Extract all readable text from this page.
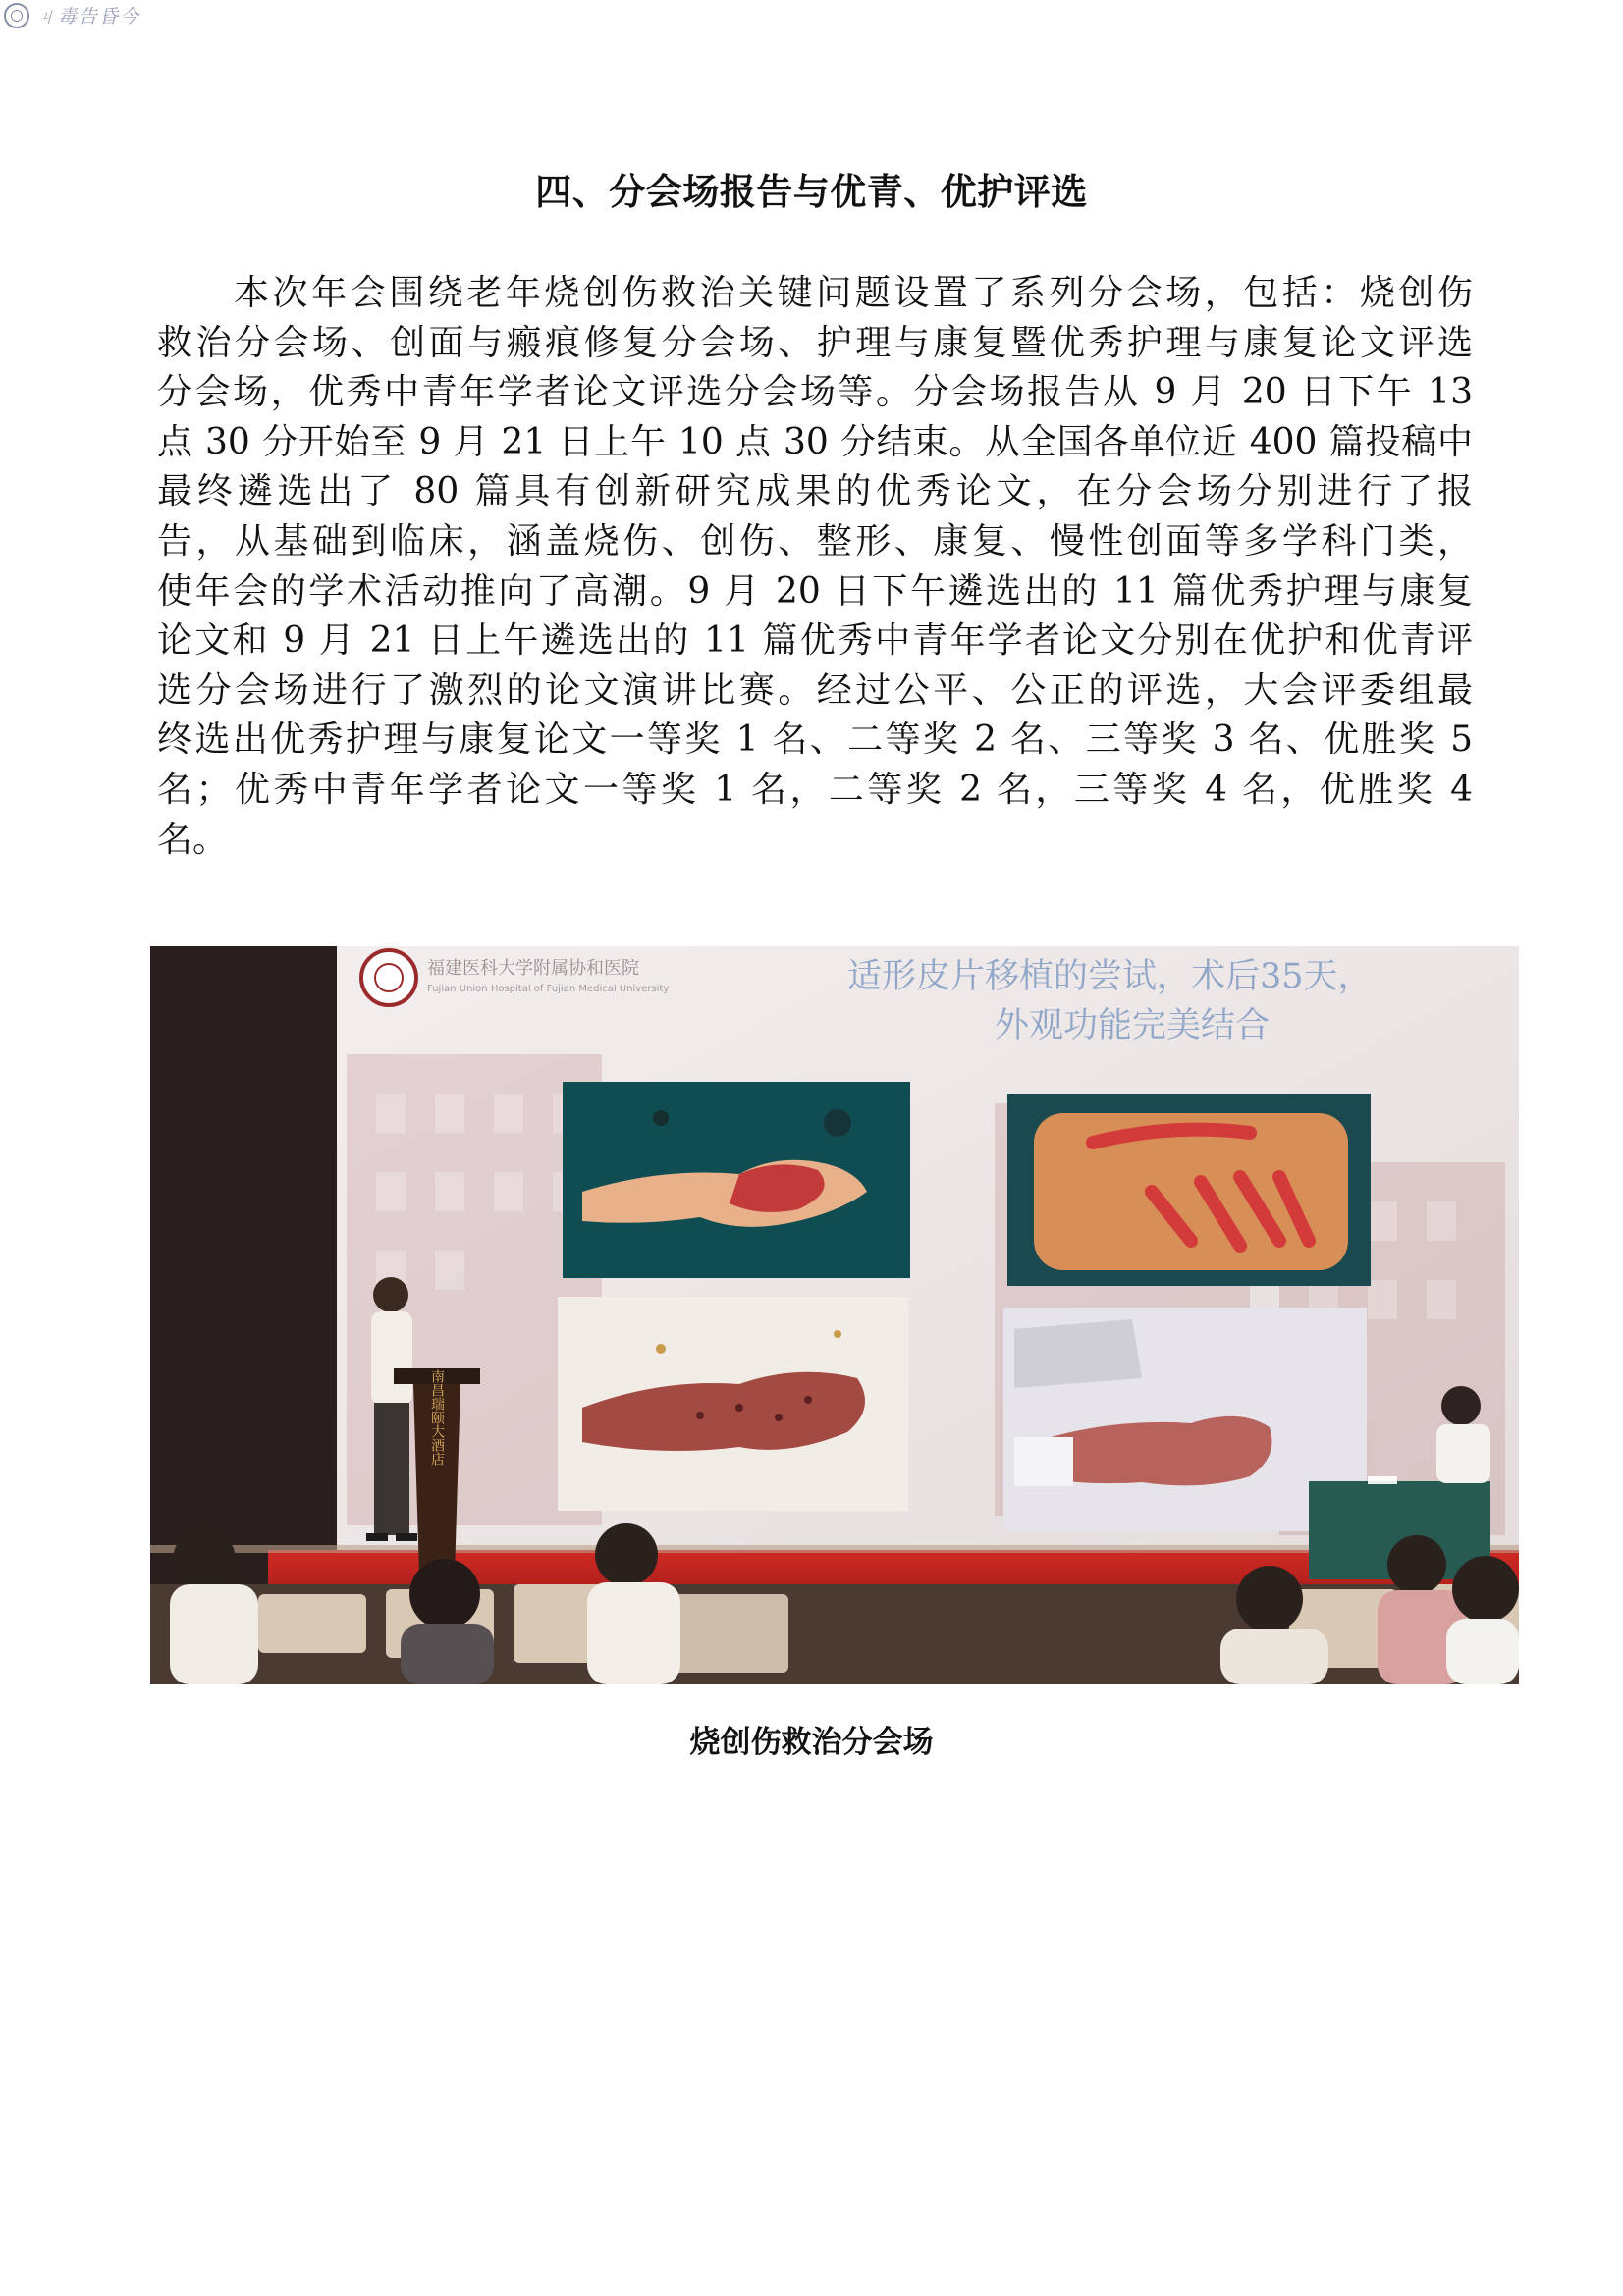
ㄐ毒告昏今
四、分会场报告与优青、优护评选
本次年会围绕老年烧创伤救治关键问题设置了系列分会场，包括：烧创伤
救治分会场、创面与瘢痕修复分会场、护理与康复暨优秀护理与康复论文评选
分会场，优秀中青年学者论文评选分会场等。分会场报告从 9 月 20 日下午 13
点 30 分开始至 9 月 21 日上午 10 点 30 分结束。从全国各单位近 400 篇投稿中
最终遴选出了 80 篇具有创新研究成果的优秀论文，在分会场分别进行了报
告，从基础到临床，涵盖烧伤、创伤、整形、康复、慢性创面等多学科门类，
使年会的学术活动推向了高潮。9 月 20 日下午遴选出的 11 篇优秀护理与康复
论文和 9 月 21 日上午遴选出的 11 篇优秀中青年学者论文分别在优护和优青评
选分会场进行了激烈的论文演讲比赛。经过公平、公正的评选，大会评委组最
终选出优秀护理与康复论文一等奖 1 名、二等奖 2 名、三等奖 3 名、优胜奖 5
名；优秀中青年学者论文一等奖 1 名，二等奖 2 名，三等奖 4 名，优胜奖 4
名。
福建医科大学附属协和医院
Fujian Union Hospital of Fujian Medical University	适形皮片移植的尝试，术后35天，
外观功能完美结合
南昌瑞颐大酒店

烧创伤救治分会场
